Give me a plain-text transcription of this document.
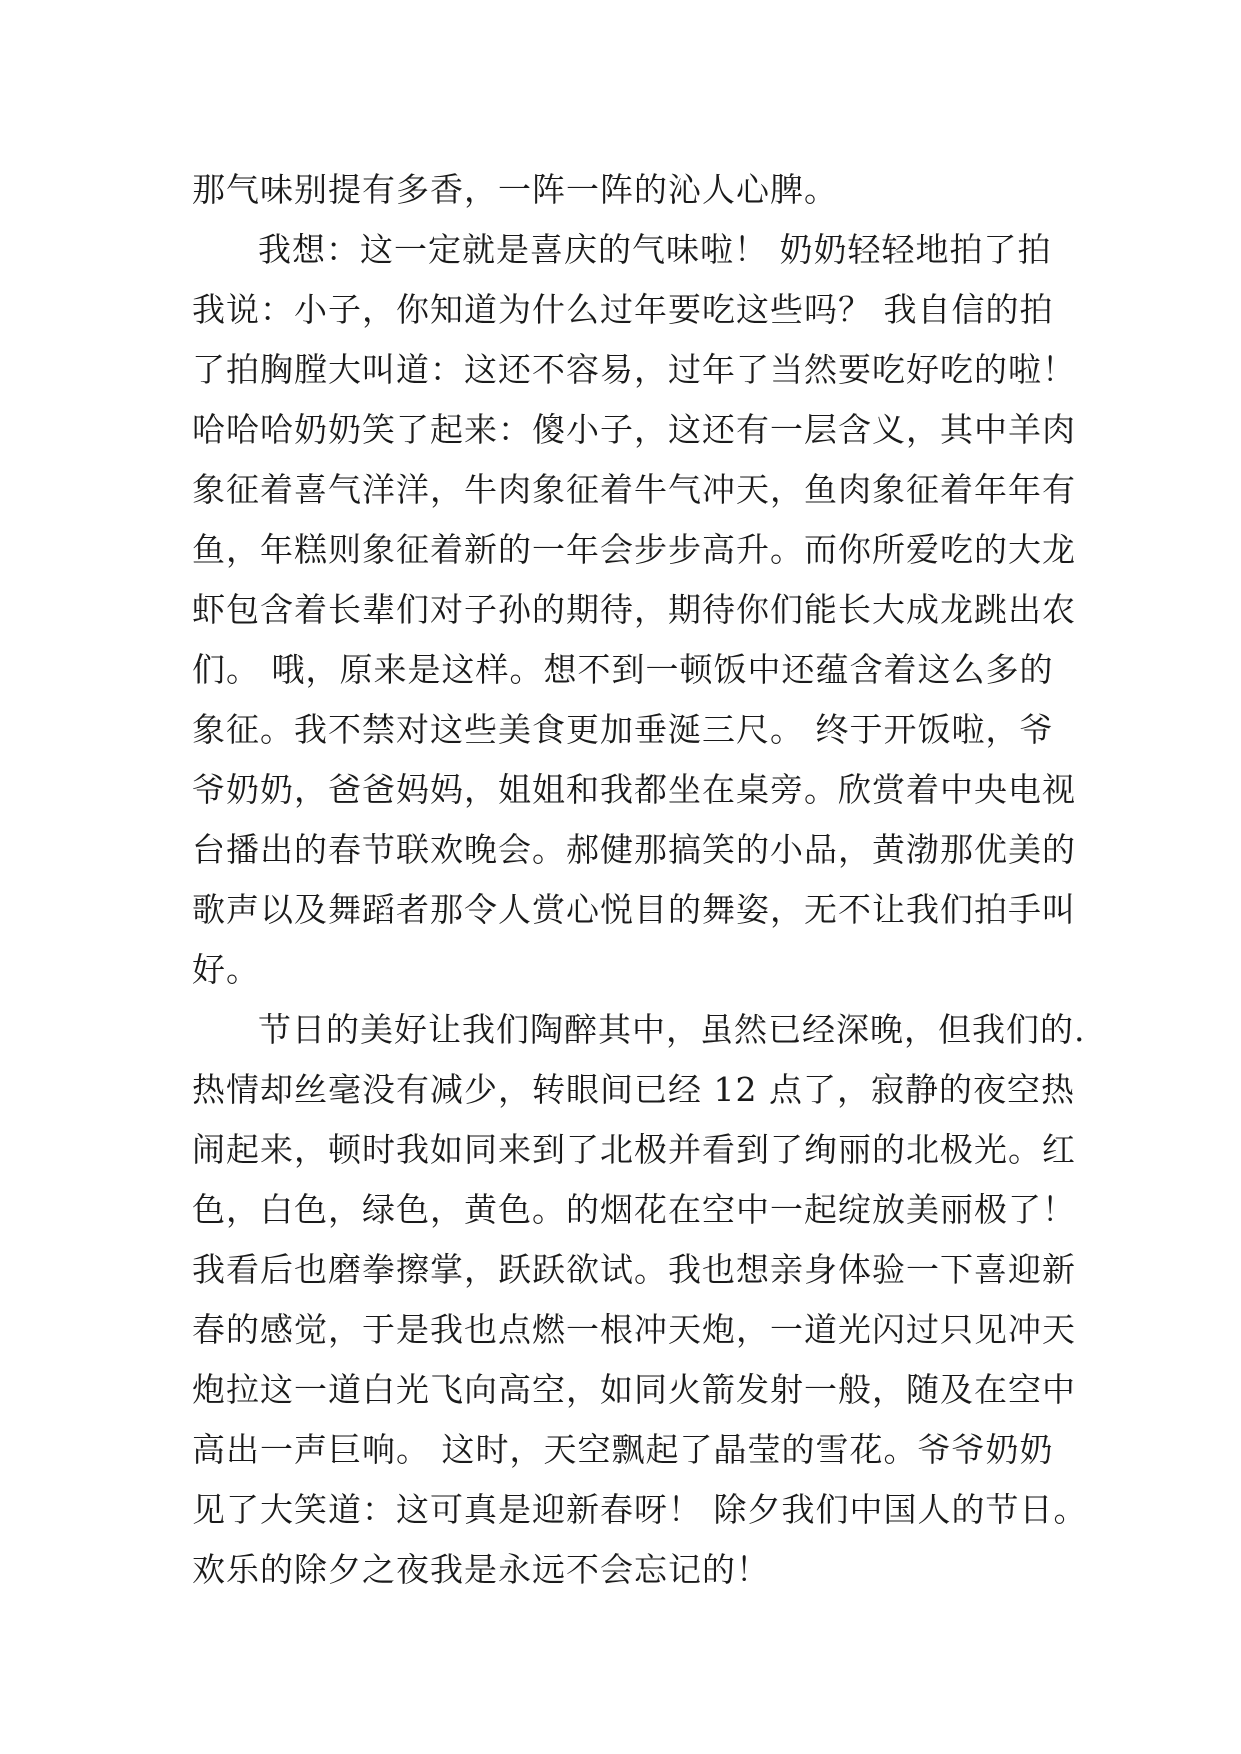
那气味别提有多香，一阵一阵的沁人心脾。
我想：这一定就是喜庆的气味啦！ 奶奶轻轻地拍了拍
我说：小子，你知道为什么过年要吃这些吗？ 我自信的拍
了拍胸膛大叫道：这还不容易，过年了当然要吃好吃的啦！
哈哈哈奶奶笑了起来：傻小子，这还有一层含义，其中羊肉
象征着喜气洋洋，牛肉象征着牛气冲天，鱼肉象征着年年有
鱼，年糕则象征着新的一年会步步高升。而你所爱吃的大龙
虾包含着长辈们对子孙的期待，期待你们能长大成龙跳出农
们。 哦，原来是这样。想不到一顿饭中还蕴含着这么多的
象征。我不禁对这些美食更加垂涎三尺。 终于开饭啦，爷
爷奶奶，爸爸妈妈，姐姐和我都坐在桌旁。欣赏着中央电视
台播出的春节联欢晚会。郝健那搞笑的小品，黄渤那优美的
歌声以及舞蹈者那令人赏心悦目的舞姿，无不让我们拍手叫
好。
节日的美好让我们陶醉其中，虽然已经深晚，但我们的.
热情却丝毫没有减少，转眼间已经 12 点了，寂静的夜空热
闹起来，顿时我如同来到了北极并看到了绚丽的北极光。红
色，白色，绿色，黄色。的烟花在空中一起绽放美丽极了！
我看后也磨拳擦掌，跃跃欲试。我也想亲身体验一下喜迎新
春的感觉，于是我也点燃一根冲天炮，一道光闪过只见冲天
炮拉这一道白光飞向高空，如同火箭发射一般，随及在空中
高出一声巨响。 这时，天空飘起了晶莹的雪花。爷爷奶奶
见了大笑道：这可真是迎新春呀！ 除夕我们中国人的节日。
欢乐的除夕之夜我是永远不会忘记的！
